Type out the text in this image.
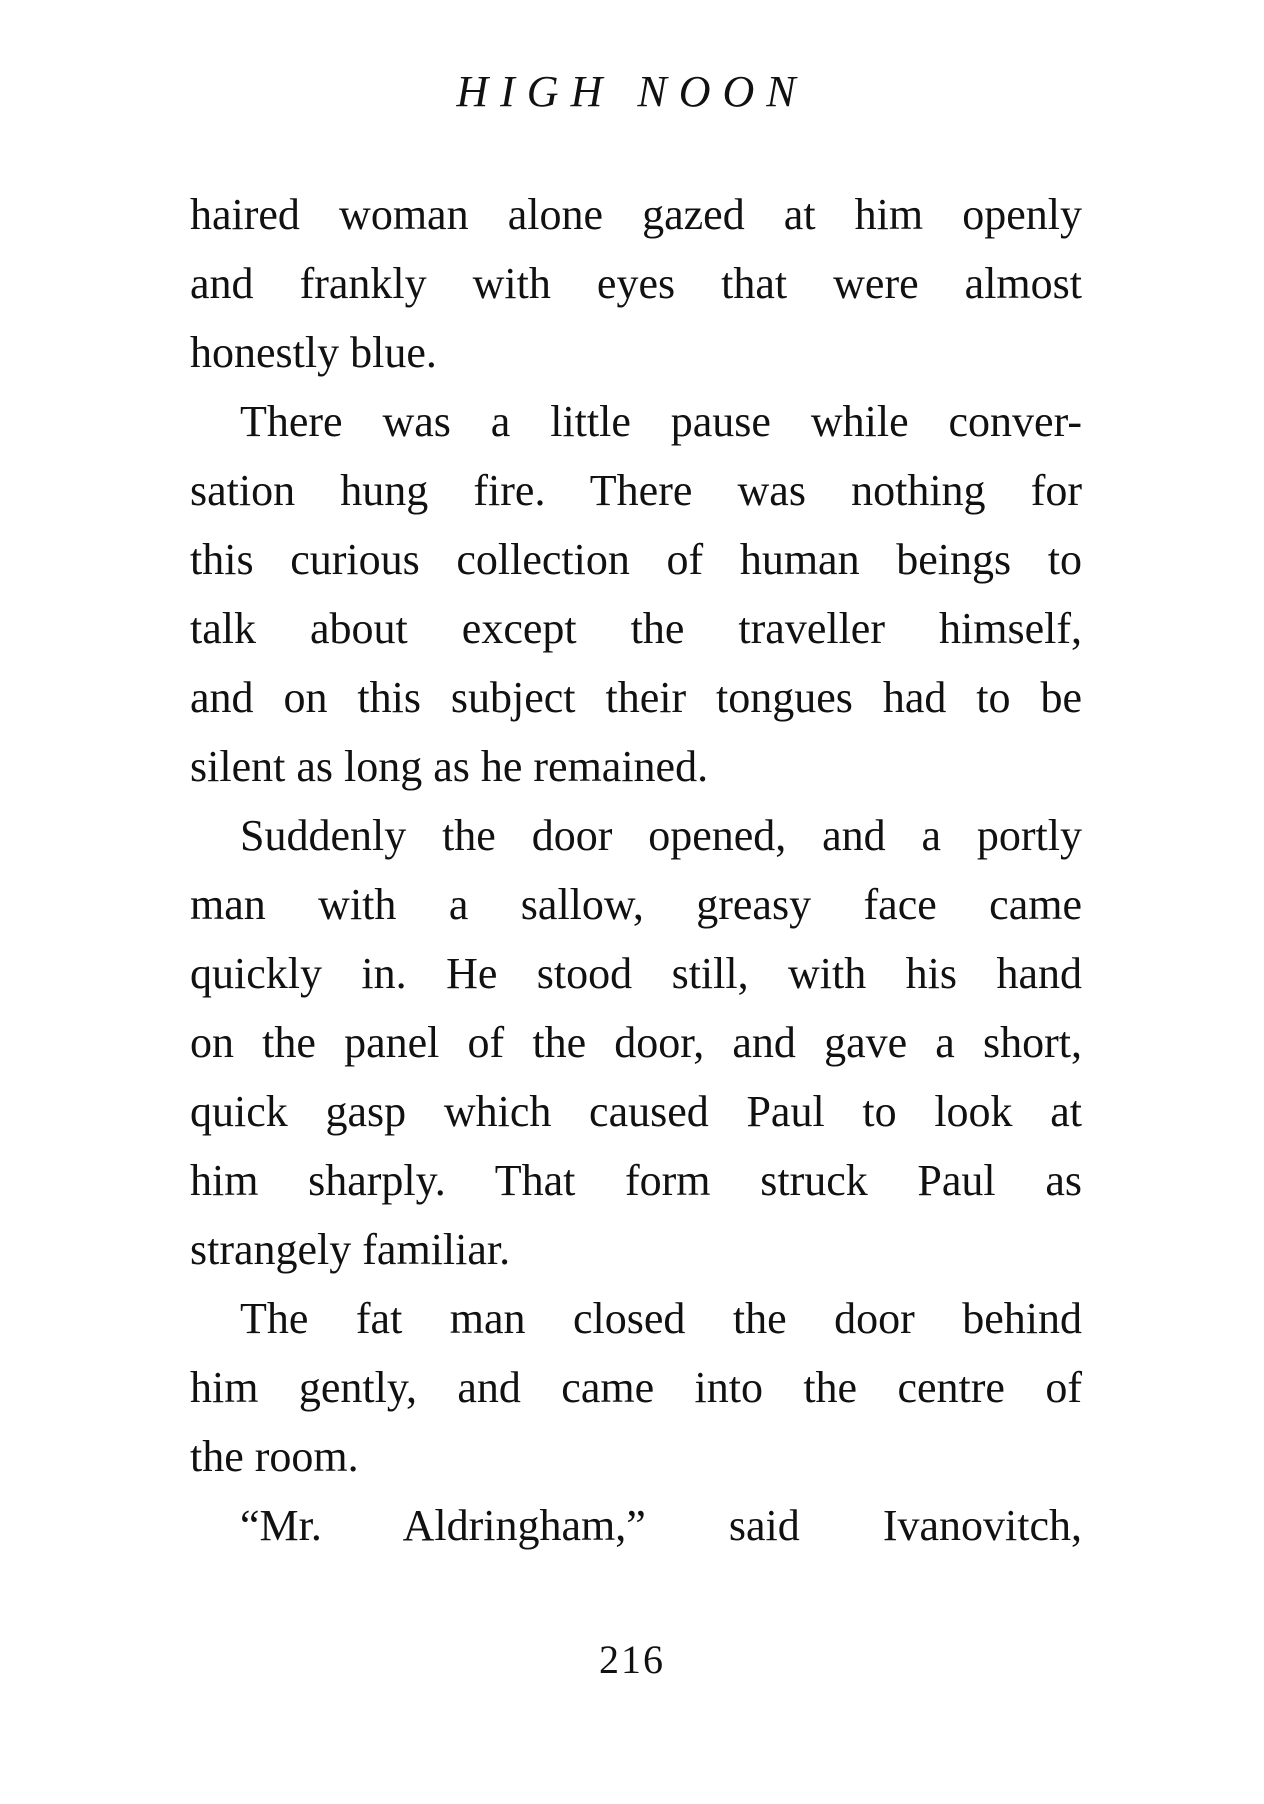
HIGH NOON
haired woman alone gazed at him openly
and frankly with eyes that were almost
honestly blue.
There was a little pause while conver-
sation hung fire. There was nothing for
this curious collection of human beings to
talk about except the traveller himself,
and on this subject their tongues had to be
silent as long as he remained.
Suddenly the door opened, and a portly
man with a sallow, greasy face came
quickly in. He stood still, with his hand
on the panel of the door, and gave a short,
quick gasp which caused Paul to look at
him sharply. That form struck Paul as
strangely familiar.
The fat man closed the door behind
him gently, and came into the centre of
the room.
“Mr. Aldringham,” said Ivanovitch,
216
